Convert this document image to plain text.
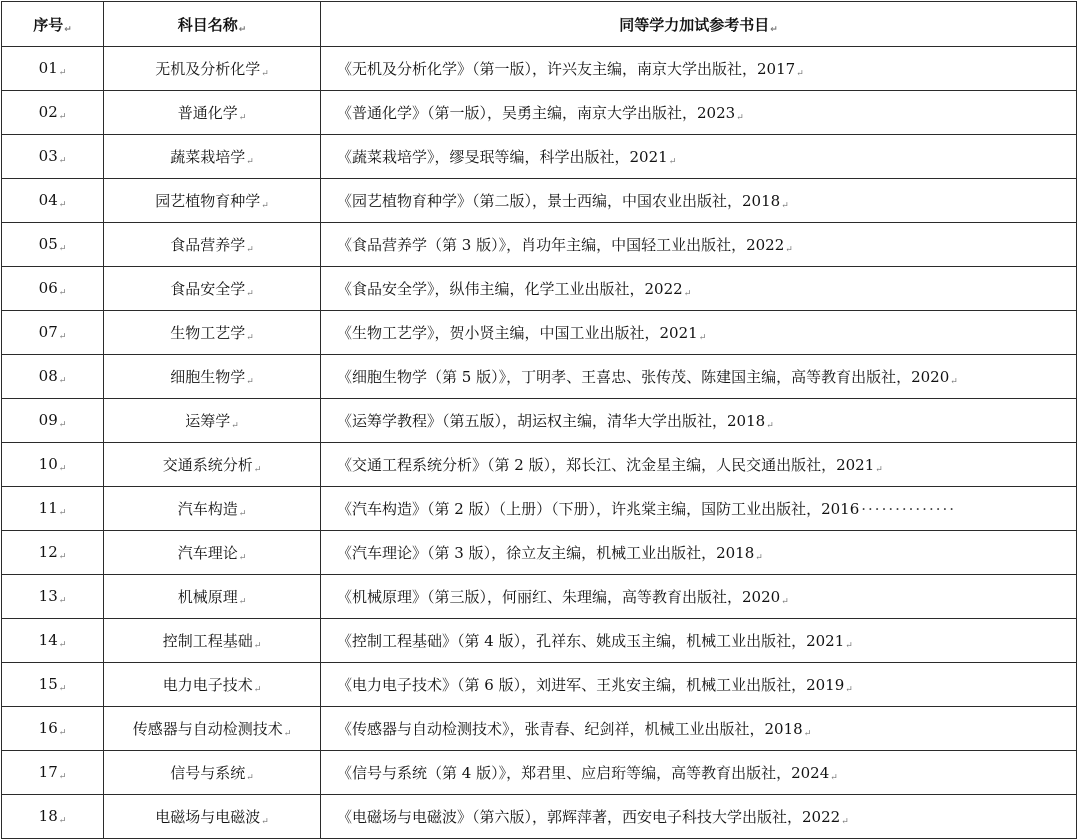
序号↵	科目名称↵	同等学力加试参考书目↵
01↵	无机及分析化学↵	《无机及分析化学》（第一版），许兴友主编，南京大学出版社，2017↵
02↵	普通化学↵	《普通化学》（第一版），吴勇主编，南京大学出版社，2023↵
03↵	蔬菜栽培学↵	《蔬菜栽培学》，缪旻珉等编，科学出版社，2021↵
04↵	园艺植物育种学↵	《园艺植物育种学》（第二版），景士西编，中国农业出版社，2018↵
05↵	食品营养学↵	《食品营养学（第 3 版）》，肖功年主编，中国轻工业出版社，2022↵
06↵	食品安全学↵	《食品安全学》，纵伟主编，化学工业出版社，2022↵
07↵	生物工艺学↵	《生物工艺学》，贺小贤主编，中国工业出版社，2021↵
08↵	细胞生物学↵	《细胞生物学（第 5 版）》，丁明孝、王喜忠、张传茂、陈建国主编，高等教育出版社，2020↵
09↵	运筹学↵	《运筹学教程》（第五版），胡运权主编，清华大学出版社，2018↵
10↵	交通系统分析↵	《交通工程系统分析》（第 2 版），郑长江、沈金星主编，人民交通出版社，2021↵
11↵	汽车构造↵	《汽车构造》（第 2 版）（上册）（下册），许兆棠主编，国防工业出版社，2016 ··············
12↵	汽车理论↵	《汽车理论》（第 3 版），徐立友主编，机械工业出版社，2018↵
13↵	机械原理↵	《机械原理》（第三版），何丽红、朱理编，高等教育出版社，2020↵
14↵	控制工程基础↵	《控制工程基础》（第 4 版），孔祥东、姚成玉主编，机械工业出版社，2021↵
15↵	电力电子技术↵	《电力电子技术》（第 6 版），刘进军、王兆安主编，机械工业出版社，2019↵
16↵	传感器与自动检测技术↵	《传感器与自动检测技术》，张青春、纪剑祥，机械工业出版社，2018↵
17↵	信号与系统↵	《信号与系统（第 4 版）》，郑君里、应启珩等编，高等教育出版社，2024↵
18↵	电磁场与电磁波↵	《电磁场与电磁波》（第六版），郭辉萍著，西安电子科技大学出版社，2022↵
